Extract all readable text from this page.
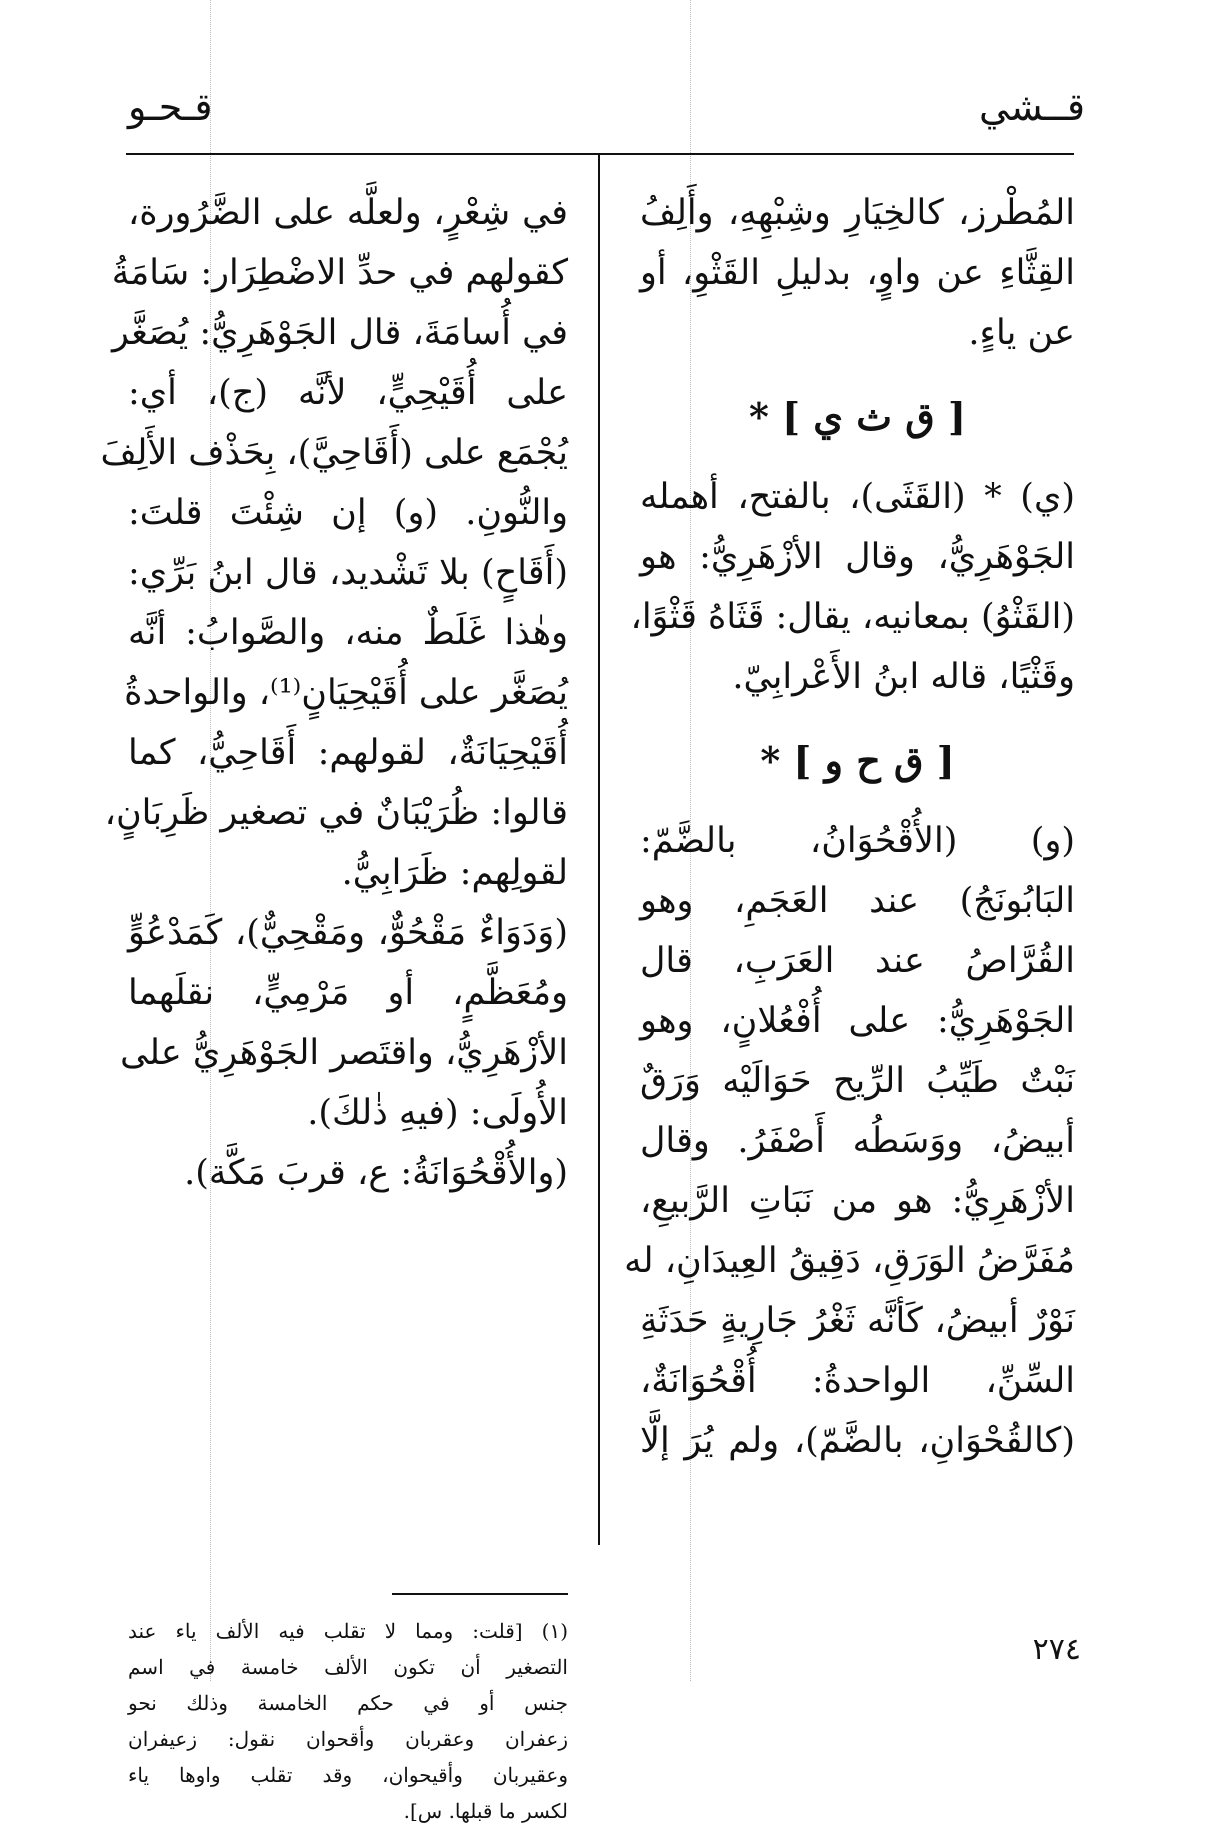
قــشي
قـحـو
المُطْرز، كالخِيَارِ وشِبْهِهِ، وأَلِفُ
القِثَّاءِ عن واوٍ، بدليلِ القَثْوِ، أو
عن ياءٍ.
[ ق ث ي ] *
(ي) * (القَثَى)، بالفتح، أهمله
الجَوْهَرِيُّ، وقال الأزْهَرِيُّ: هو
(القَثْوُ) بمعانيه، يقال: قَثَاهُ قَثْوًا،
وقَثْيًا، قاله ابنُ الأَعْرابِيّ.
[ ق ح و ] *
(و) (الأُقْحُوَانُ، بالضَّمّ:
البَابُونَجُ) عند العَجَمِ، وهو
القُرَّاصُ عند العَرَبِ، قال
الجَوْهَرِيُّ: على أُفْعُلانٍ، وهو
نَبْتٌ طَيِّبُ الرِّيح حَوَالَيْه وَرَقٌ
أبيضُ، ووَسَطُه أَصْفَرُ. وقال
الأزْهَرِيُّ: هو من نَبَاتِ الرَّبيعِ،
مُفَرَّضُ الوَرَقِ، دَقِيقُ العِيدَانِ، له
نَوْرٌ أبيضُ، كَأنَّه ثَغْرُ جَارِيةٍ حَدَثَةِ
السِّنِّ، الواحدةُ: أُقْحُوَانَةٌ،
(كالقُحْوَانِ، بالضَّمّ)، ولم يُرَ إلَّا
في شِعْرٍ، ولعلَّه على الضَّرُورة،
كقولهم في حدِّ الاضْطِرَار: سَامَةُ
في أُسامَةَ، قال الجَوْهَرِيُّ: يُصَغَّر
على أُقَيْحِيٍّ، لأنَّه (ج)، أي:
يُجْمَع على (أَقَاحِيَّ)، بِحَذْف الأَلِفَ
والنُّونِ. (و) إن شِئْتَ قلتَ:
(أَقَاحٍ) بلا تَشْديد، قال ابنُ بَرِّي:
وهٰذا غَلَطٌ منه، والصَّوابُ: أنَّه
يُصَغَّر على أُقَيْحِيَانٍ⁽¹⁾، والواحدةُ
أُقَيْحِيَانَةٌ، لقولهم: أَقَاحِيُّ، كما
قالوا: ظُرَيْبَانٌ في تصغير ظَرِبَانٍ،
لقولِهم: ظَرَابِيُّ.
(وَدَوَاءٌ مَقْحُوٌّ، ومَقْحِيٌّ)، كَمَدْعُوٍّ
ومُعَظَّمٍ، أو مَرْمِيٍّ، نقلَهما
الأزْهَرِيُّ، واقتَصر الجَوْهَرِيُّ على
الأُولَى: (فيهِ ذٰلكَ).
(والأُقْحُوَانَةُ: ع، قربَ مَكَّة).
(١) [قلت: ومما لا تقلب فيه الألف ياء عند
التصغير أن تكون الألف خامسة في اسم
جنس أو في حكم الخامسة وذلك نحو
زعفران وعقربان وأقحوان نقول: زعيفران
وعقيربان وأقيحوان، وقد تقلب واوها ياء
لكسر ما قبلها. س].
٢٧٤
